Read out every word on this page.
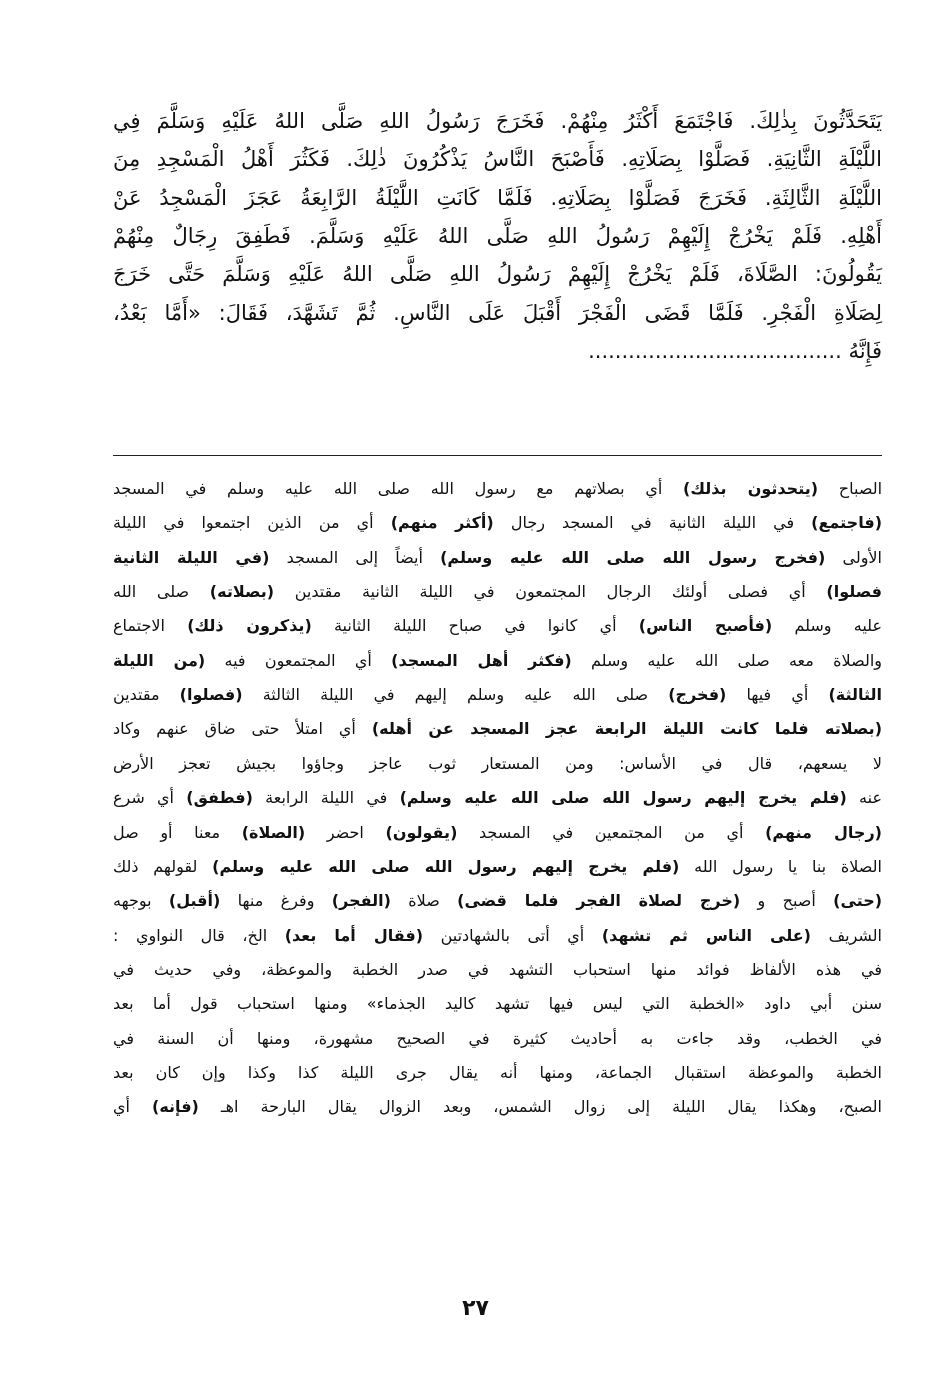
يَتَحَدَّثُونَ بِذٰلِكَ. فَاجْتَمَعَ أَكْثَرُ مِنْهُمْ. فَخَرَجَ رَسُولُ اللهِ صَلَّى اللهُ عَلَيْهِ وَسَلَّمَ فِي
اللَّيْلَةِ الثَّانِيَةِ. فَصَلَّوْا بِصَلَاتِهِ. فَأَصْبَحَ النَّاسُ يَذْكُرُونَ ذٰلِكَ. فَكَثُرَ أَهْلُ الْمَسْجِدِ مِنَ
اللَّيْلَةِ الثَّالِثَةِ. فَخَرَجَ فَصَلَّوْا بِصَلَاتِهِ. فَلَمَّا كَانَتِ اللَّيْلَةُ الرَّابِعَةُ عَجَزَ الْمَسْجِدُ عَنْ
أَهْلِهِ. فَلَمْ يَخْرُجْ إِلَيْهِمْ رَسُولُ اللهِ صَلَّى اللهُ عَلَيْهِ وَسَلَّمَ. فَطَفِقَ رِجَالٌ مِنْهُمْ
يَقُولُونَ: الصَّلَاةَ، فَلَمْ يَخْرُجْ إِلَيْهِمْ رَسُولُ اللهِ صَلَّى اللهُ عَلَيْهِ وَسَلَّمَ حَتَّى خَرَجَ
لِصَلَاةِ الْفَجْرِ. فَلَمَّا قَضَى الْفَجْرَ أَقْبَلَ عَلَى النَّاسِ. ثُمَّ تَشَهَّدَ، فَقَالَ: «أَمَّا بَعْدُ،
فَإِنَّهُ ......................................
الصباح (يتحدثون بذلك) أي بصلاتهم مع رسول الله صلى الله عليه وسلم في المسجد
(فاجتمع) في الليلة الثانية في المسجد رجال (أكثر منهم) أي من الذين اجتمعوا في الليلة
الأولى (فخرج رسول الله صلى الله عليه وسلم) أيضاً إلى المسجد (في الليلة الثانية
فصلوا) أي فصلى أولئك الرجال المجتمعون في الليلة الثانية مقتدين (بصلاته) صلى الله
عليه وسلم (فأصبح الناس) أي كانوا في صباح الليلة الثانية (يذكرون ذلك) الاجتماع
والصلاة معه صلى الله عليه وسلم (فكثر أهل المسجد) أي المجتمعون فيه (من الليلة
الثالثة) أي فيها (فخرج) صلى الله عليه وسلم إليهم في الليلة الثالثة (فصلوا) مقتدين
(بصلاته فلما كانت الليلة الرابعة عجز المسجد عن أهله) أي امتلأ حتى ضاق عنهم وكاد
لا يسعهم، قال في الأساس: ومن المستعار ثوب عاجز وجاؤوا بجيش تعجز الأرض
عنه (فلم يخرج إليهم رسول الله صلى الله عليه وسلم) في الليلة الرابعة (فطفق) أي شرع
(رجال منهم) أي من المجتمعين في المسجد (يقولون) احضر (الصلاة) معنا أو صل
الصلاة بنا يا رسول الله (فلم يخرج إليهم رسول الله صلى الله عليه وسلم) لقولهم ذلك
(حتى) أصبح و (خرج لصلاة الفجر فلما قضى) صلاة (الفجر) وفرغ منها (أقبل) بوجهه
الشريف (على الناس ثم تشهد) أي أتى بالشهادتين (فقال أما بعد) الخ، قال النواوي :
في هذه الألفاظ فوائد منها استحباب التشهد في صدر الخطبة والموعظة، وفي حديث في
سنن أبي داود «الخطبة التي ليس فيها تشهد كاليد الجذماء» ومنها استحباب قول أما بعد
في الخطب، وقد جاءت به أحاديث كثيرة في الصحيح مشهورة، ومنها أن السنة في
الخطبة والموعظة استقبال الجماعة، ومنها أنه يقال جرى الليلة كذا وكذا وإن كان بعد
الصبح، وهكذا يقال الليلة إلى زوال الشمس، وبعد الزوال يقال البارحة اهـ (فإنه) أي
٢٧
